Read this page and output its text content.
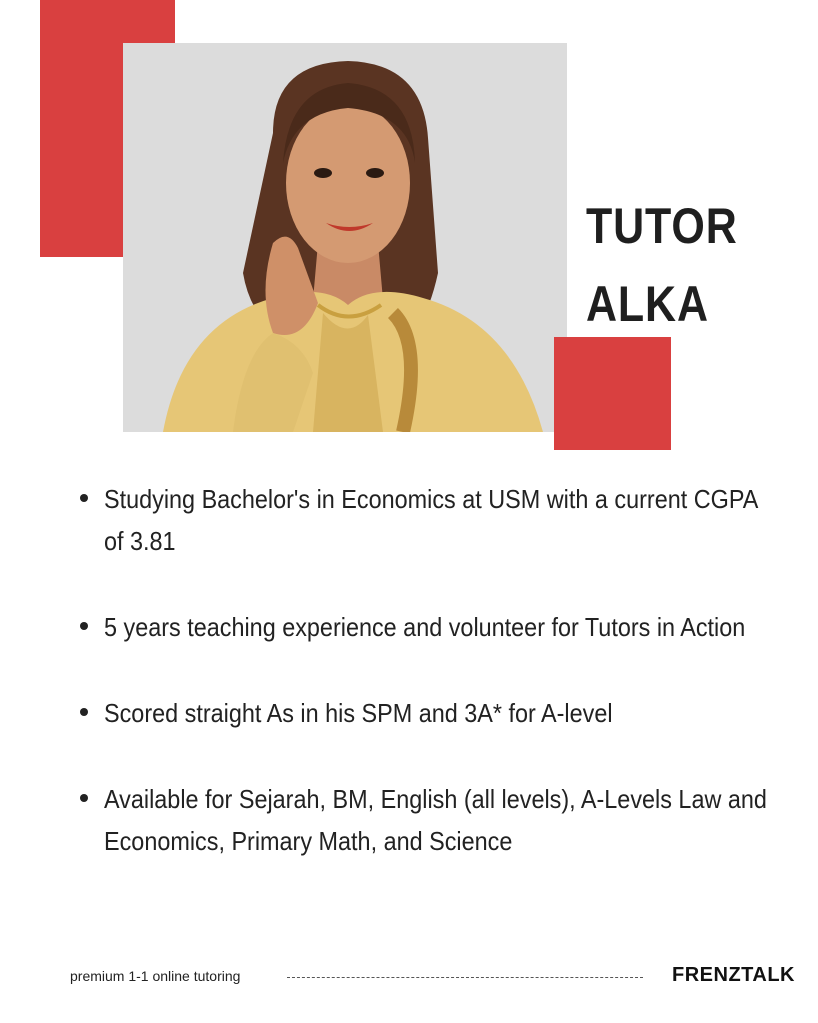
TUTOR
ALKA
Studying Bachelor's in Economics at USM with a current CGPA of 3.81
5 years teaching experience and volunteer for Tutors in Action
Scored straight As in his SPM and 3A* for A-level
Available for Sejarah, BM, English (all levels), A-Levels Law and Economics, Primary Math, and Science
premium 1-1 online tutoring	FRENZTALK
